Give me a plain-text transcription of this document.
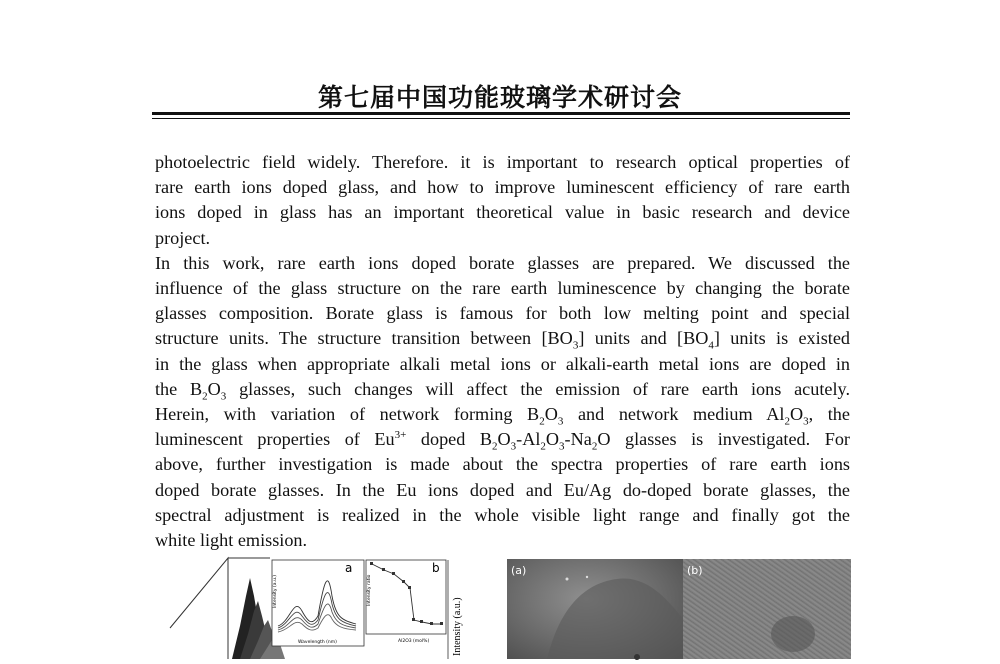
第七届中国功能玻璃学术研讨会
photoelectric field widely. Therefore. it is important to research optical properties of
rare earth ions doped glass, and how to improve luminescent efficiency of rare earth
ions doped in glass has an important theoretical value in basic research and device
project.
In this work, rare earth ions doped borate glasses are prepared. We discussed the
influence of the glass structure on the rare earth luminescence by changing the borate
glasses composition. Borate glass is famous for both low melting point and special
structure units. The structure transition between $[BO_3]$ units and $[BO_4]$ units is existed
in the glass when appropriate alkali metal ions or alkali-earth metal ions are doped in
the $B_2O_3$ glasses, such changes will affect the emission of rare earth ions acutely.
Herein, with variation of network forming $B_2O_3$ and network medium $Al_2O_3$, the
luminescent properties of $Eu^{3+}$ doped $B_2O_3-Al_2O_3-Na_2O$ glasses is investigated. For
above, further investigation is made about the spectra properties of rare earth ions
doped borate glasses. In the Eu ions doped and Eu/Ag do-doped borate glasses, the
spectral adjustment is realized in the whole visible light range and finally got the
white light emission.
a
Wavelength (nm)
Intensity (a.u.)
b
Al2O3 (mol%)
Intensity ratio
Intensity (a.u.)
(a)	(b)
